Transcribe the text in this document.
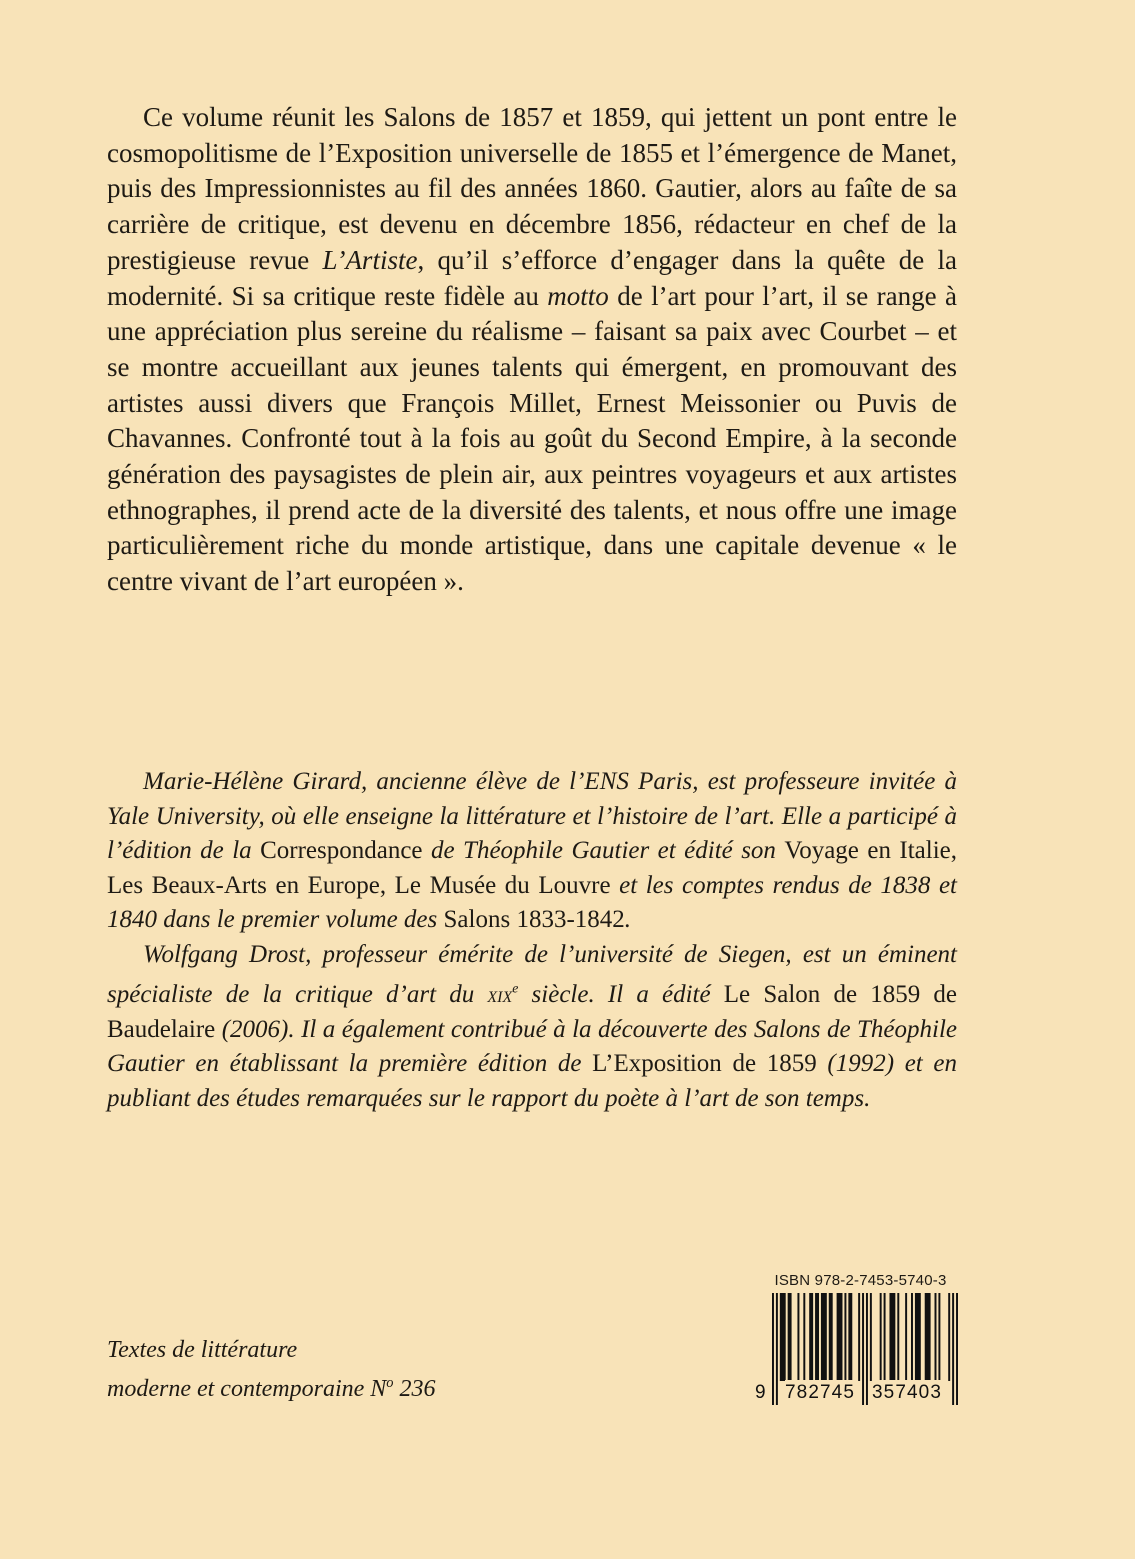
Ce volume réunit les Salons de 1857 et 1859, qui jettent un pont entre le cosmopolitisme de l’Exposition universelle de 1855 et l’émergence de Manet, puis des Impressionnistes au fil des années 1860. Gautier, alors au faîte de sa carrière de critique, est devenu en décembre 1856, rédacteur en chef de la prestigieuse revue L’Artiste, qu’il s’efforce d’engager dans la quête de la modernité. Si sa critique reste fidèle au motto de l’art pour l’art, il se range à une appréciation plus sereine du réalisme – faisant sa paix avec Courbet – et se montre accueillant aux jeunes talents qui émergent, en promouvant des artistes aussi divers que François Millet, Ernest Meissonier ou Puvis de Chavannes. Confronté tout à la fois au goût du Second Empire, à la seconde génération des paysagistes de plein air, aux peintres voyageurs et aux artistes ethnographes, il prend acte de la diversité des talents, et nous offre une image particulièrement riche du monde artistique, dans une capitale devenue « le centre vivant de l’art européen ».

Marie-Hélène Girard, ancienne élève de l’ENS Paris, est professeure invitée à Yale University, où elle enseigne la littérature et l’histoire de l’art. Elle a participé à l’édition de la Correspondance de Théophile Gautier et édité son Voyage en Italie, Les Beaux-Arts en Europe, Le Musée du Louvre et les comptes rendus de 1838 et 1840 dans le premier volume des Salons 1833-1842.

Wolfgang Drost, professeur émérite de l’université de Siegen, est un éminent spécialiste de la critique d’art du xix$^e$ siècle. Il a édité Le Salon de 1859 de Baudelaire (2006). Il a également contribué à la découverte des Salons de Théophile Gautier en établissant la première édition de L’Exposition de 1859 (1992) et en publiant des études remarquées sur le rapport du poète à l’art de son temps.

Textes de littérature
moderne et contemporaine $N^o$ 236
ISBN 978-2-7453-5740-3
9 782745 357403
